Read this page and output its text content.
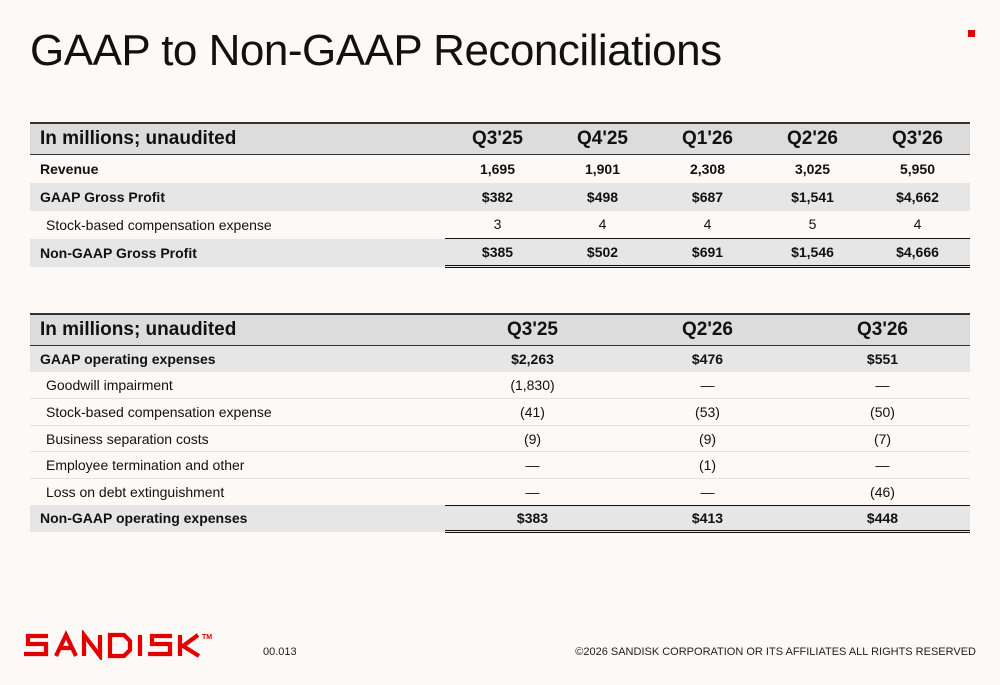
GAAP to Non-GAAP Reconciliations
In millions; unaudited	Q3'25	Q4'25	Q1'26	Q2'26	Q3'26
Revenue	1,695	1,901	2,308	3,025	5,950
GAAP Gross Profit	$382	$498	$687	$1,541	$4,662
Stock-based compensation expense	3	4	4	5	4
Non-GAAP Gross Profit	$385	$502	$691	$1,546	$4,666
In millions; unaudited	Q3'25	Q2'26	Q3'26
GAAP operating expenses	$2,263	$476	$551
Goodwill impairment	(1,830)	—	—
Stock-based compensation expense	(41)	(53)	(50)
Business separation costs	(9)	(9)	(7)
Employee termination and other	—	(1)	—
Loss on debt extinguishment	—	—	(46)
Non-GAAP operating expenses	$383	$413	$448
TM
00.013	©2026 SANDISK CORPORATION OR ITS AFFILIATES ALL RIGHTS RESERVED
